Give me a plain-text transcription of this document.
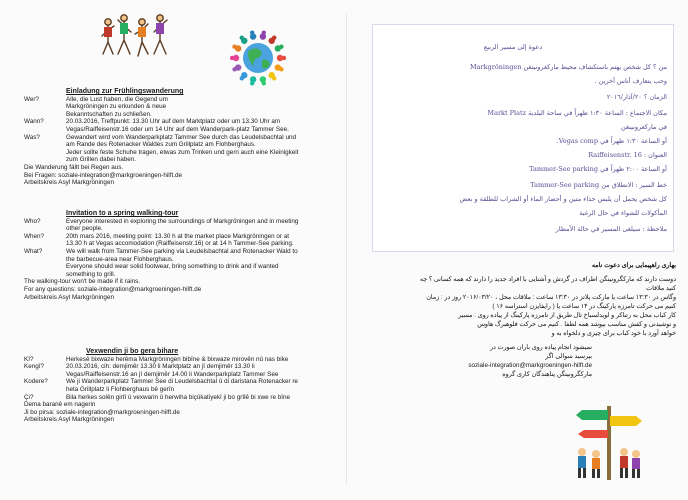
Einladung zur Frühlingswanderung

Wer?	Alle, die Lust haben, die Gegend um
Markgröningen zu erkunden & neue
Bekanntschaften zu schließen.
Wann?	20.03.2016, Treffpunkt: 13.30 Uhr auf dem Marktplatz oder um 13.30 Uhr am
Vegas/Raiffeisenstr.16 oder um 14 Uhr auf dem Wanderpark-platz Tammer See.
Was?	Gewandert wird vom Wanderparkplatz Tammer See durch das Leudelsbachtal und
am Rande des Rotenacker Waldes zum Grillplatz am Flohberghaus.
Jeder sollte feste Schuhe tragen, etwas zum Trinken und gern auch eine Kleinigkeit
zum Grillen dabei haben.
Die Wanderung fällt bei Regen aus.
Bei Fragen: soziale-integration@markgroeningen-hilft.de
Arbeitskreis Asyl Markgröningen

Invitation to a spring walking-tour

Who?	Everyone interested in exploring the surroundings of Markgröningen and in meeting
other people.
When?	20th mars 2016, meeting point: 13.30 h at the market place Markgröningen or at
13.30 h at Vegas accomodation (Raiffeisenstr.16) or at 14 h Tammer-See parking.
What?	We will walk from Tammer-See parking via Leudelsbachtal and Rotenacker Wald to
the barbecue-area near Flohberghaus.
Everyone should wear solid footwear, bring something to drink and if wanted
something to grill.
The walking-tour won't be made if it rains.
For any questions: soziale-integration@markgroeningen-hilft.de
Arbeitskreis Asyl Markgröningen

Vexwendin ji bo gera bihare

Kî?	Herkesê bixwaze herêma Markgröningen bibîne & bixwaze mirovên nû nas bike
Kengî?	20.03.2016, cih: demjimêr 13.30 li Marktplatz an jî demjimêr 13.30 li
Vegas/Raiffeisenstr.16 an jî demjimêr 14.00 li Wanderparkplatz Tammer See
Kodere?	We ji Wanderparkplatz Tammer See di Leudelsbachtal û di daristana Rotenacker re
heta Grillplatz li Flohberghaus bê gerîn
Çi?	Bila herkes solên girtî û vexwarin û herwiha biçûkatiyekî ji bo grîlê bi xwe re bîne
Dema baranê em nagerin
Ji bo pirsa: soziale-integration@markgroeningen-hilft.de
Arbeitskreis Asyl Markgröningen
دعوة إلى مسير الربيع
من ؟ كل شخص يهتم باستكشاف محيط ماركغرونينغن Markgröningen
وحب يتعارف أناس آخرين .
الزمان ؟ ٢٠/آذار/٢٠١٦
مكان الاجتماع : الساعة ١:٣٠ ظهراً في ساحة البلدية Markt Platz
في ماركغرونينغن
أو الساعة ١:٣٠ ظهراً في Vegas comp.
العنوان : Raiffeisenstr. 16
أو الساعة ٢:٠٠ ظهراً في Tammer-See parking
خط السير : الانطلاق من Tammer-See parking
كل شخص يحمل أن يلبس حذاء متين و أحضار الماء أو الشراب للطلقة و بعض
المأكولات للشواء في حال الرغبة
ملاحظة : سيلغى المسير في حالة الأمطار
بهاری راهپیمایی برای دعوت نامه
دوست دارند که مارکگرونینگن اطراف در گردش و آشنایی با افراد جدید را دارند که همه کسانی ؟ چه
کنید ملاقات
وگاس در ۱۳:۳۰ ساعت یا مارکت پلاتز در ۱۳:۳۰ ساعت : ملاقات محل ، ۲۰۱۶/۰۳/۲۰ روز در : زمان
کنیم می حرکت تامرزه پارکینگ در ۱۴ ساعت یا ( رایفایزن استراسه ۱۶ )
کار کباب محل به رتناکر و لویدلسباخ تال طریق از تامرزه پارکینگ از پیاده روی : مسیر
و نوشیدنی و کفش مناسب بپوشد همه لطفا . کنیم می حرکت فلوهبرگ هاوس
خواهد آورد با خود کباب برای چیزی و دلخواه به و
نمیشود انجام پیاده روی باران صورت در
بپرسید سوالی اگر
soziale-integration@markgroeningen-hilft.de
مارکگرونینگن پناهندگان کاری گروه
